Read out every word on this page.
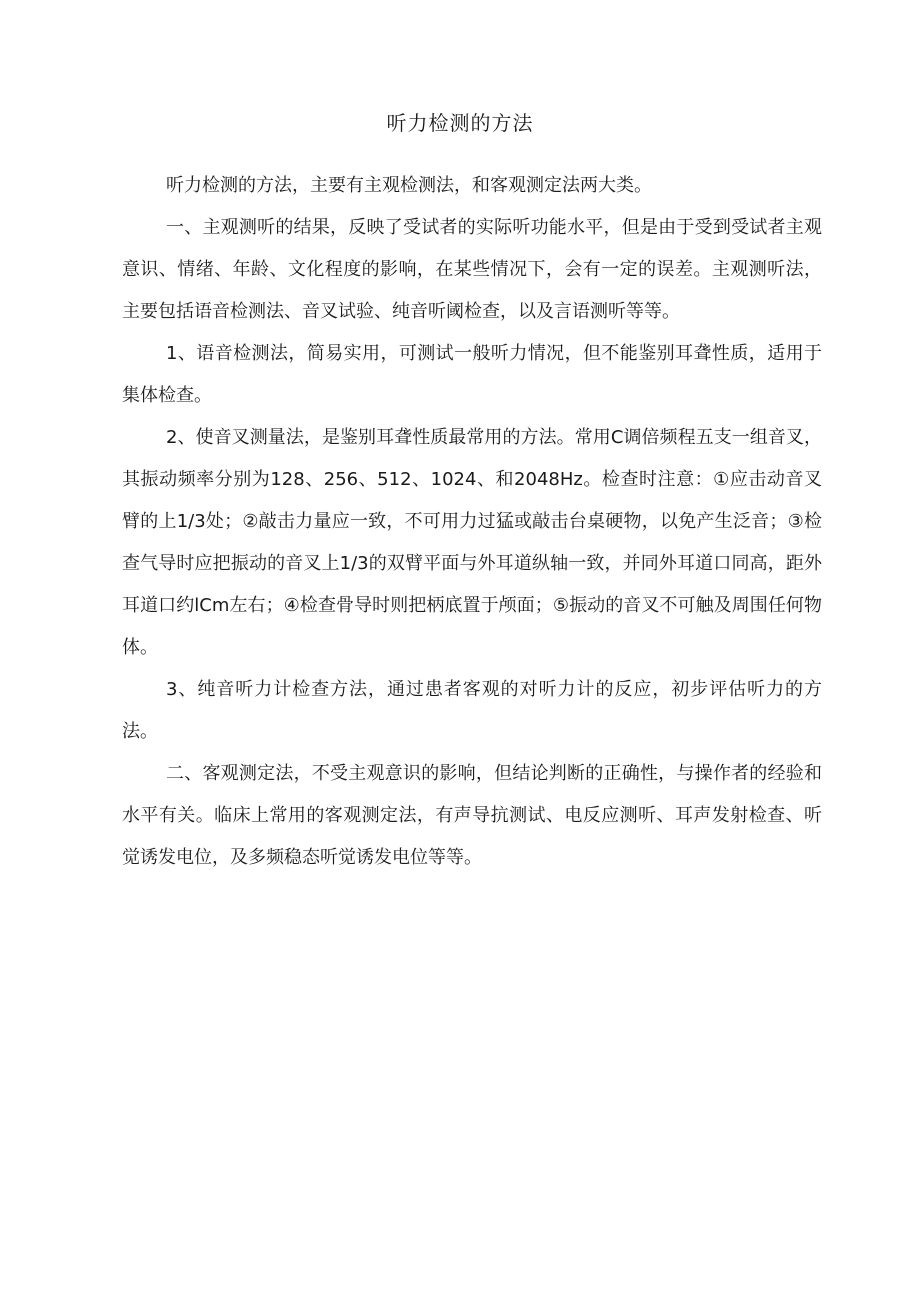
听力检测的方法

听力检测的方法，主要有主观检测法，和客观测定法两大类。

一、主观测听的结果，反映了受试者的实际听功能水平，但是由于受到受试者主观意识、情绪、年龄、文化程度的影响，在某些情况下，会有一定的误差。主观测听法，主要包括语音检测法、音叉试验、纯音听阈检查，以及言语测听等等。

1、语音检测法，简易实用，可测试一般听力情况，但不能鉴别耳聋性质，适用于集体检查。

2、使音叉测量法，是鉴别耳聋性质最常用的方法。常用C调倍频程五支一组音叉，其振动频率分别为128、256、512、1024、和2048Hz。检查时注意：①应击动音叉臂的上1/3处；②敲击力量应一致，不可用力过猛或敲击台桌硬物，以免产生泛音；③检查气导时应把振动的音叉上1/3的双臂平面与外耳道纵轴一致，并同外耳道口同高，距外耳道口约lCm左右；④检查骨导时则把柄底置于颅面；⑤振动的音叉不可触及周围任何物体。

3、纯音听力计检查方法，通过患者客观的对听力计的反应，初步评估听力的方法。

二、客观测定法，不受主观意识的影响，但结论判断的正确性，与操作者的经验和水平有关。临床上常用的客观测定法，有声导抗测试、电反应测听、耳声发射检查、听觉诱发电位，及多频稳态听觉诱发电位等等。
